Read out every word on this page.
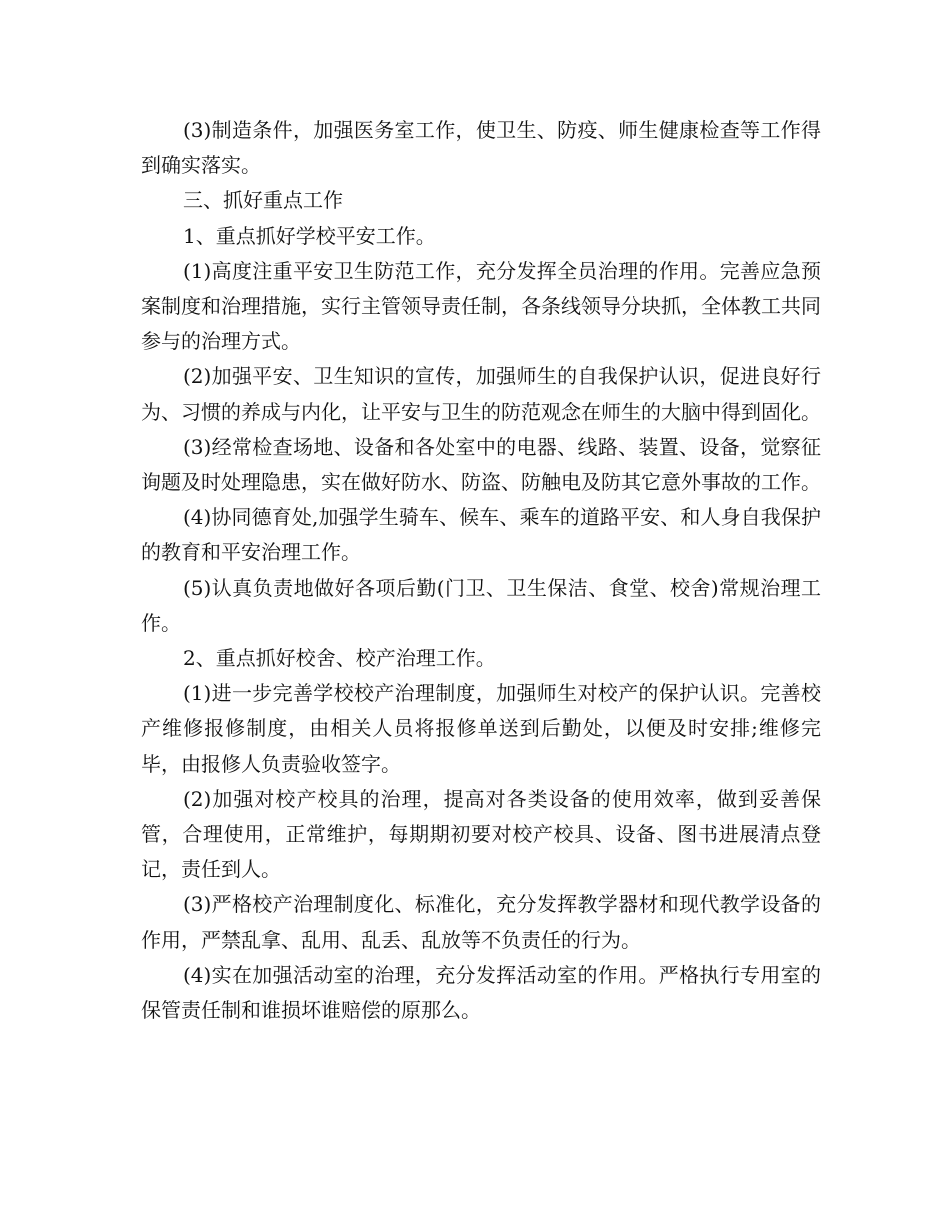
(3)制造条件，加强医务室工作，使卫生、防疫、师生健康检查等工作得到确实落实。

三、抓好重点工作

1、重点抓好学校平安工作。

(1)高度注重平安卫生防范工作，充分发挥全员治理的作用。完善应急预案制度和治理措施，实行主管领导责任制，各条线领导分块抓，全体教工共同参与的治理方式。

(2)加强平安、卫生知识的宣传，加强师生的自我保护认识，促进良好行为、习惯的养成与内化，让平安与卫生的防范观念在师生的大脑中得到固化。

(3)经常检查场地、设备和各处室中的电器、线路、装置、设备，觉察征询题及时处理隐患，实在做好防水、防盗、防触电及防其它意外事故的工作。

(4)协同德育处,加强学生骑车、候车、乘车的道路平安、和人身自我保护的教育和平安治理工作。

(5)认真负责地做好各项后勤(门卫、卫生保洁、食堂、校舍)常规治理工作。

2、重点抓好校舍、校产治理工作。

(1)进一步完善学校校产治理制度，加强师生对校产的保护认识。完善校产维修报修制度，由相关人员将报修单送到后勤处，以便及时安排;维修完毕，由报修人负责验收签字。

(2)加强对校产校具的治理，提高对各类设备的使用效率，做到妥善保管，合理使用，正常维护，每期期初要对校产校具、设备、图书进展清点登记，责任到人。

(3)严格校产治理制度化、标准化，充分发挥教学器材和现代教学设备的作用，严禁乱拿、乱用、乱丢、乱放等不负责任的行为。

(4)实在加强活动室的治理，充分发挥活动室的作用。严格执行专用室的保管责任制和谁损坏谁赔偿的原那么。
